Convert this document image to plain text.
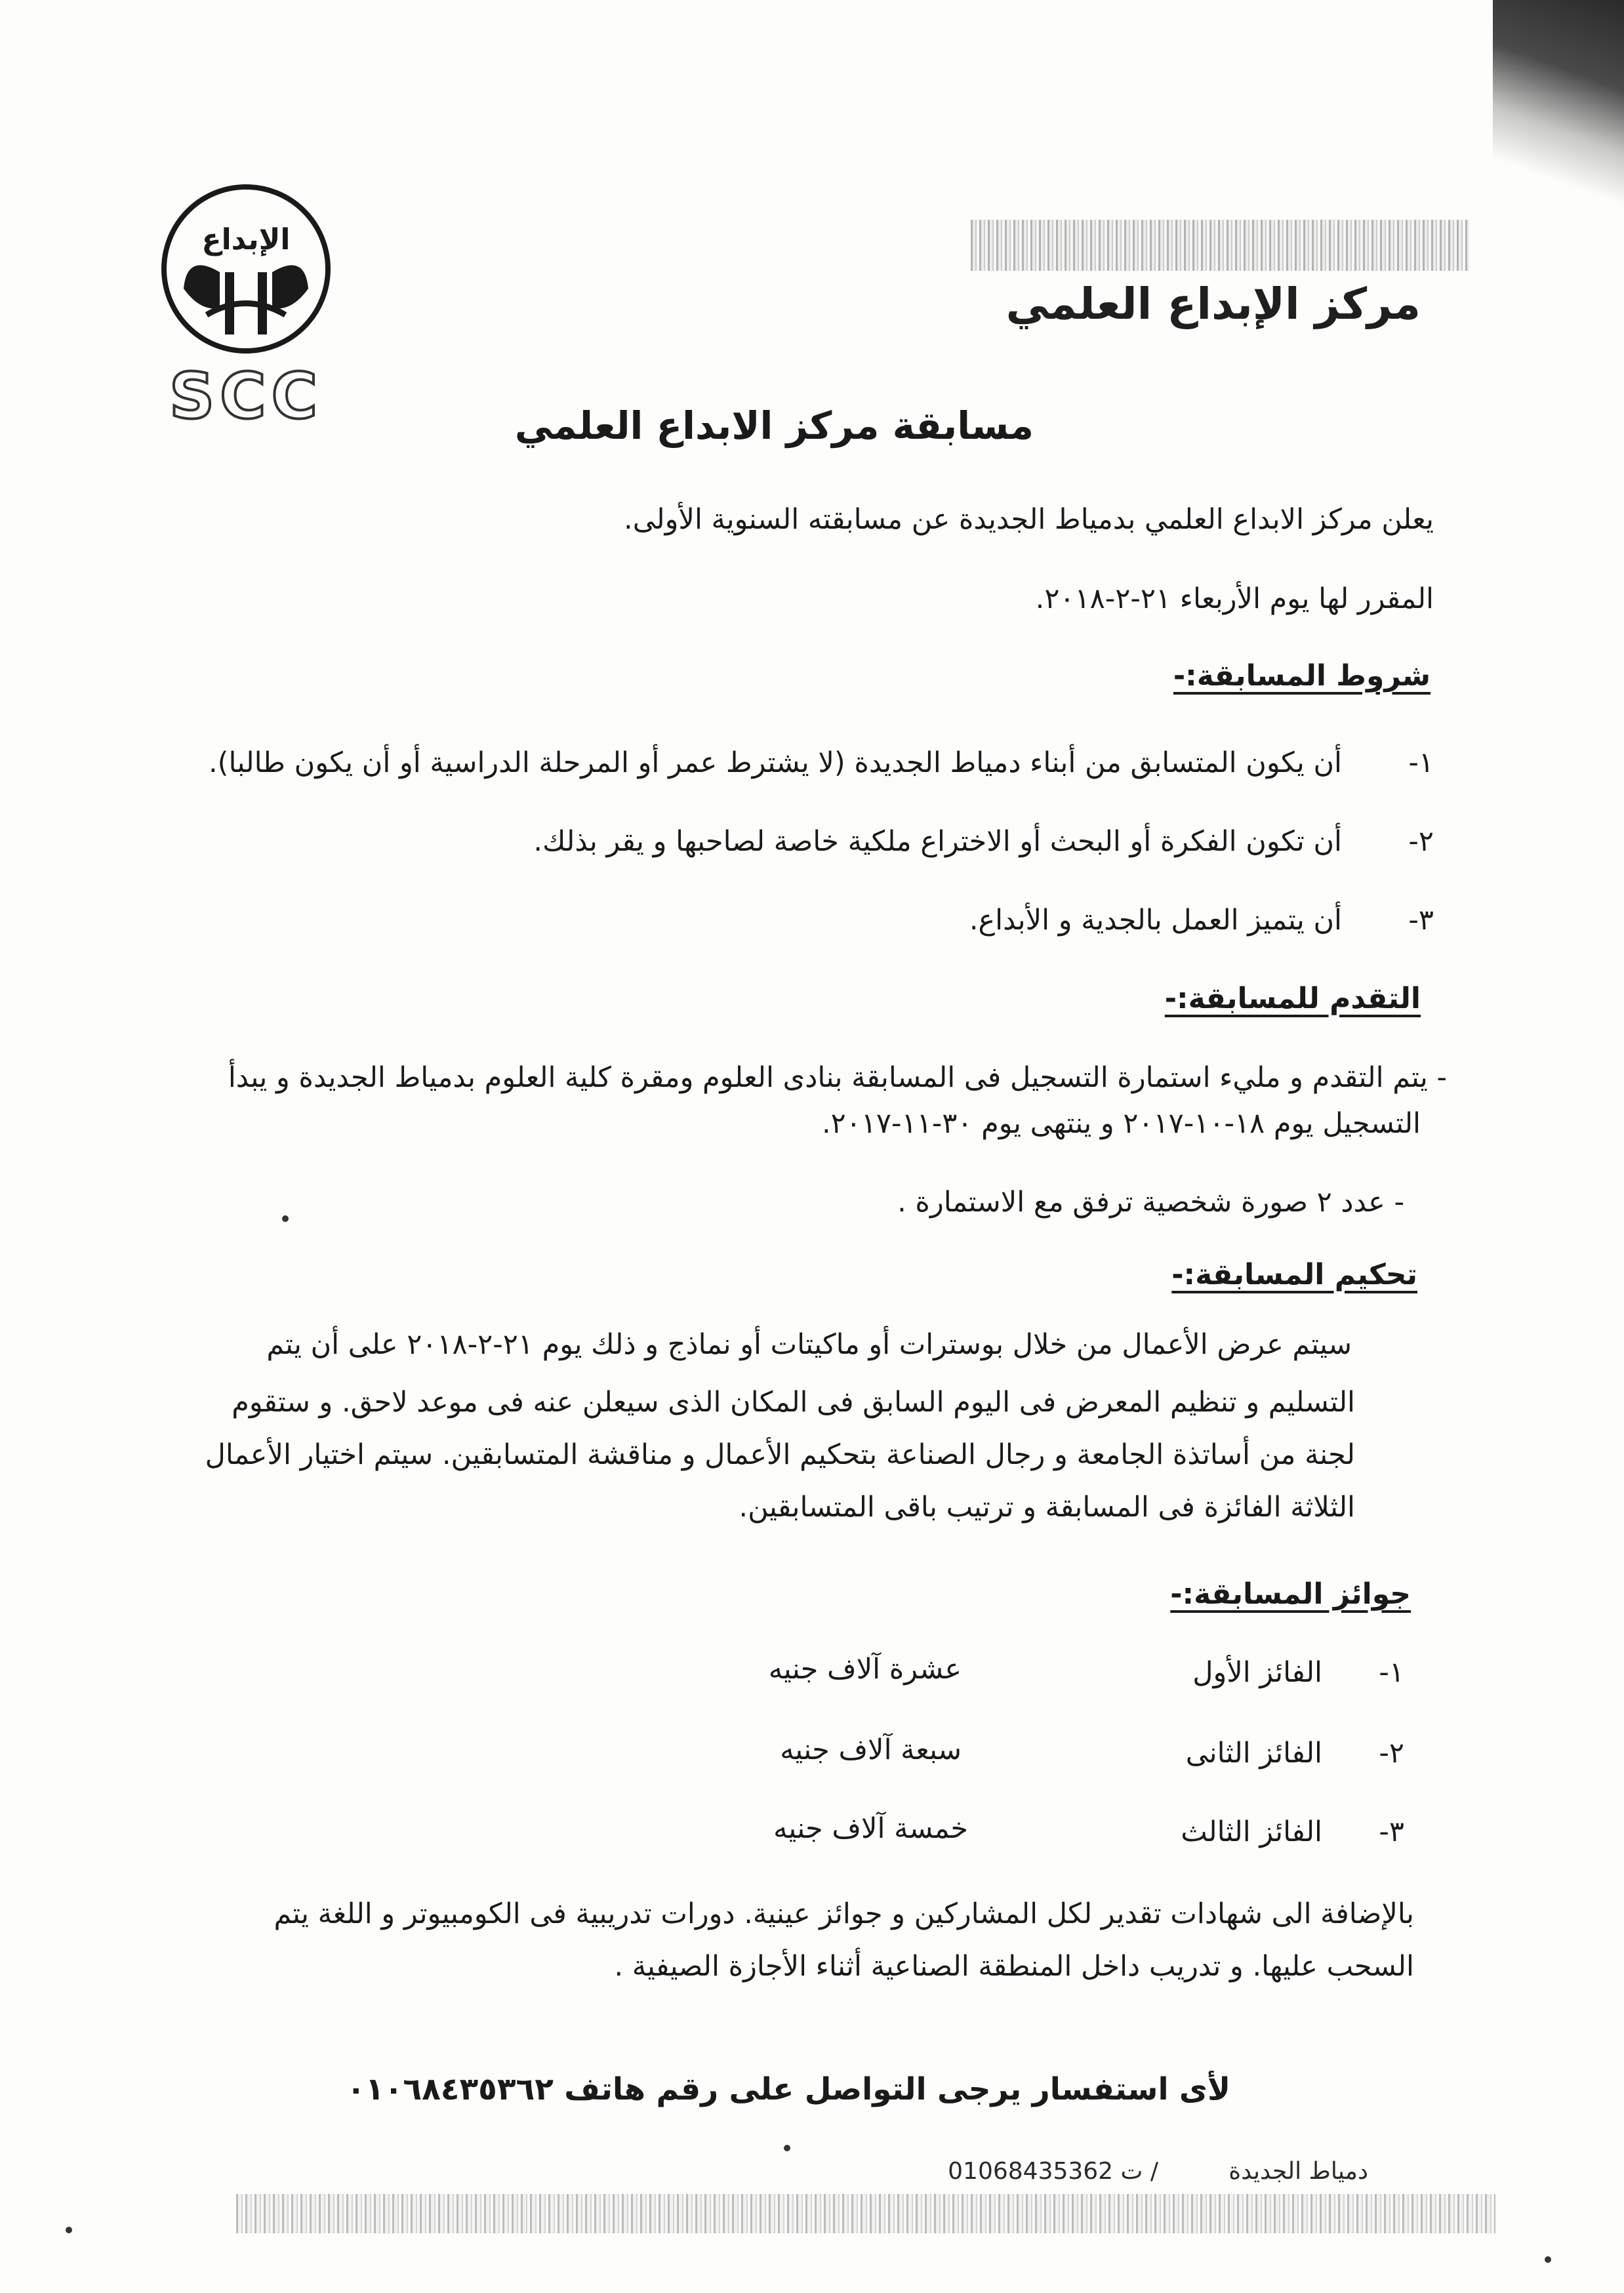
الإبداع
SCC
مركز الإبداع العلمي
مسابقة مركز الابداع العلمي
يعلن مركز الابداع العلمي بدمياط الجديدة عن مسابقته السنوية الأولى.
المقرر لها يوم الأربعاء ٢١-٢-٢٠١٨.
شروط المسابقة:-
١-
أن يكون المتسابق من أبناء دمياط الجديدة (لا يشترط عمر أو المرحلة الدراسية أو أن يكون طالبا).
٢-
أن تكون الفكرة أو البحث أو الاختراع ملكية خاصة لصاحبها و يقر بذلك.
٣-
أن يتميز العمل بالجدية و الأبداع.
التقدم للمسابقة:-
- يتم التقدم و مليء استمارة التسجيل فى المسابقة بنادى العلوم ومقرة كلية العلوم بدمياط الجديدة و يبدأ
التسجيل يوم ١٨-١٠-٢٠١٧ و ينتهى يوم ٣٠-١١-٢٠١٧.
- عدد ٢ صورة شخصية ترفق مع الاستمارة .
تحكيم المسابقة:-
سيتم عرض الأعمال من خلال بوسترات أو ماكيتات أو نماذج و ذلك يوم ٢١-٢-٢٠١٨ على أن يتم
التسليم و تنظيم المعرض فى اليوم السابق فى المكان الذى سيعلن عنه فى موعد لاحق. و ستقوم
لجنة من أساتذة الجامعة و رجال الصناعة بتحكيم الأعمال و مناقشة المتسابقين. سيتم اختيار الأعمال
الثلاثة الفائزة فى المسابقة و ترتيب باقى المتسابقين.
جوائز المسابقة:-
١-
الفائز الأول
عشرة آلاف جنيه
٢-
الفائز الثانى
سبعة آلاف جنيه
٣-
الفائز الثالث
خمسة آلاف جنيه
بالإضافة الى شهادات تقدير لكل المشاركين و جوائز عينية. دورات تدريبية فى الكومبيوتر و اللغة يتم
السحب عليها. و تدريب داخل المنطقة الصناعية أثناء الأجازة الصيفية .
لأى استفسار يرجى التواصل على رقم هاتف ٠١٠٦٨٤٣٥٣٦٢
دمياط الجديدة
01068435362 ت /
